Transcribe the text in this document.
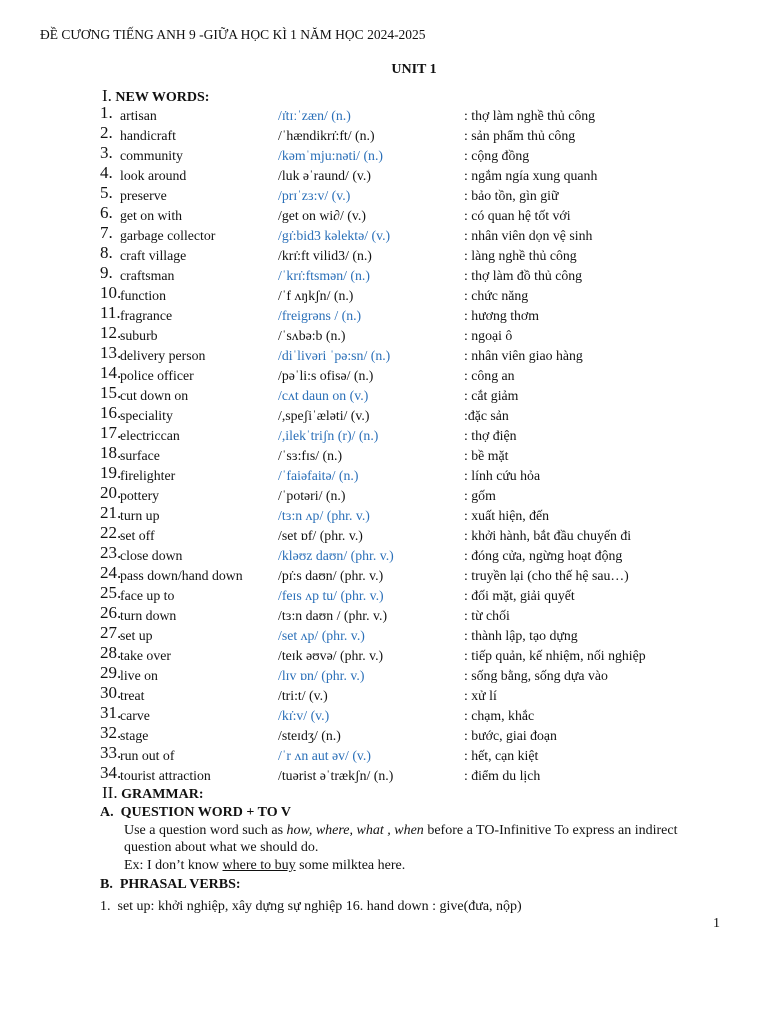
ĐỀ CƯƠNG TIẾNG ANH 9 -GIỮA HỌC KÌ 1 NĂM HỌC 2024-2025
UNIT 1
I. NEW WORDS:
1. artisan	/ɪ̇tɪːˈzæn/ (n.)	: thợ làm nghề thủ công
2. handicraft	/ˈhændikrɪ̇:ft/ (n.)	: sản phẩm thủ công
3. community	/kəmˈmju:nəti/ (n.)	: cộng đồng
4. look around	/luk əˈraund/ (v.)	: ngắm ngía xung quanh
5. preserve	/prɪˈzɜ:v/ (v.)	: bảo tồn, gìn giữ
6. get on with	/get on wi∂/ (v.)	: có quan hệ tốt với
7. garbage collector	/gɪ̇:bid3 kəlektə/ (v.)	: nhân viên dọn vệ sinh
8. craft village	/krɪ̇:ft vilid3/ (n.)	: làng nghề thủ công
9. craftsman	/ˈkrɪ̇:ftsmən/ (n.)	: thợ làm đồ thủ công
10.
function	/ˈf ʌŋkʃn/ (n.)	: chức năng
11. fragrance	/freigrəns / (n.)	: hương thơm
12.
suburb	/ˈsʌbə:b (n.)	: ngoại ô
13.
delivery person	/diˈlivəri ˈpə:sn/ (n.)	: nhân viên giao hàng
14.
police officer	/pəˈli:s ofisə/ (n.)	: công an
15.
cut down on	/cʌt daun on (v.)	: cắt giảm
16.
speciality	/,speʃiˈæləti/ (v.)	:đặc sản
17.
electriccan	/,ilekˈtriʃn (r)/ (n.)	: thợ điện
18.
surface	/ˈsɜ:fɪs/ (n.)	: bề mặt
19.
firelighter	/ˈfaiəfaitə/ (n.)	: lính cứu hỏa
20.
pottery	/ˈpotəri/ (n.)	: gốm
21.
turn up	/tɜ:n ʌp/ (phr. v.)	: xuất hiện, đến
22.
set off	/set ɒf/ (phr. v.)	: khởi hành, bắt đầu chuyến đi
23.
close down	/kləʊz daʊn/ (phr. v.)	: đóng cửa, ngừng hoạt động
24.
pass down/hand down	/pɪ̇:s daʊn/ (phr. v.)	: truyền lại (cho thế hệ sau…)
25.
face up to	/feɪs ʌp tu/ (phr. v.)	: đối mặt, giải quyết
26.
turn down	/tɜ:n daʊn / (phr. v.)	: từ chối
27.
set up	/set ʌp/ (phr. v.)	: thành lập, tạo dựng
28.
take over	/teɪk əʊvə/ (phr. v.)	: tiếp quản, kế nhiệm, nối nghiệp
29.
live on	/lɪv ɒn/ (phr. v.)	: sống bằng, sống dựa vào
30.
treat	/tri:t/ (v.)	: xử lí
31.
carve	/kɪ̇:v/ (v.)	: chạm, khắc
32.
stage	/steɪdʒ/ (n.)	: bước, giai đoạn
33.
run out of	/ˈr ʌn aut əv/ (v.)	: hết, cạn kiệt
34.
tourist attraction	/tuərist əˈtrækʃn/ (n.)	: điểm du lịch
II. GRAMMAR:
A. QUESTION WORD + TO V
Use a question word such as how, where, what , when before a TO-Infinitive To express an indirect question about what we should do.
Ex: I don’t know where to buy some milktea here.
B. PHRASAL VERBS:
1. set up: khởi nghiệp, xây dựng sự nghiệp 16. hand down : give(đưa, nộp)
1
